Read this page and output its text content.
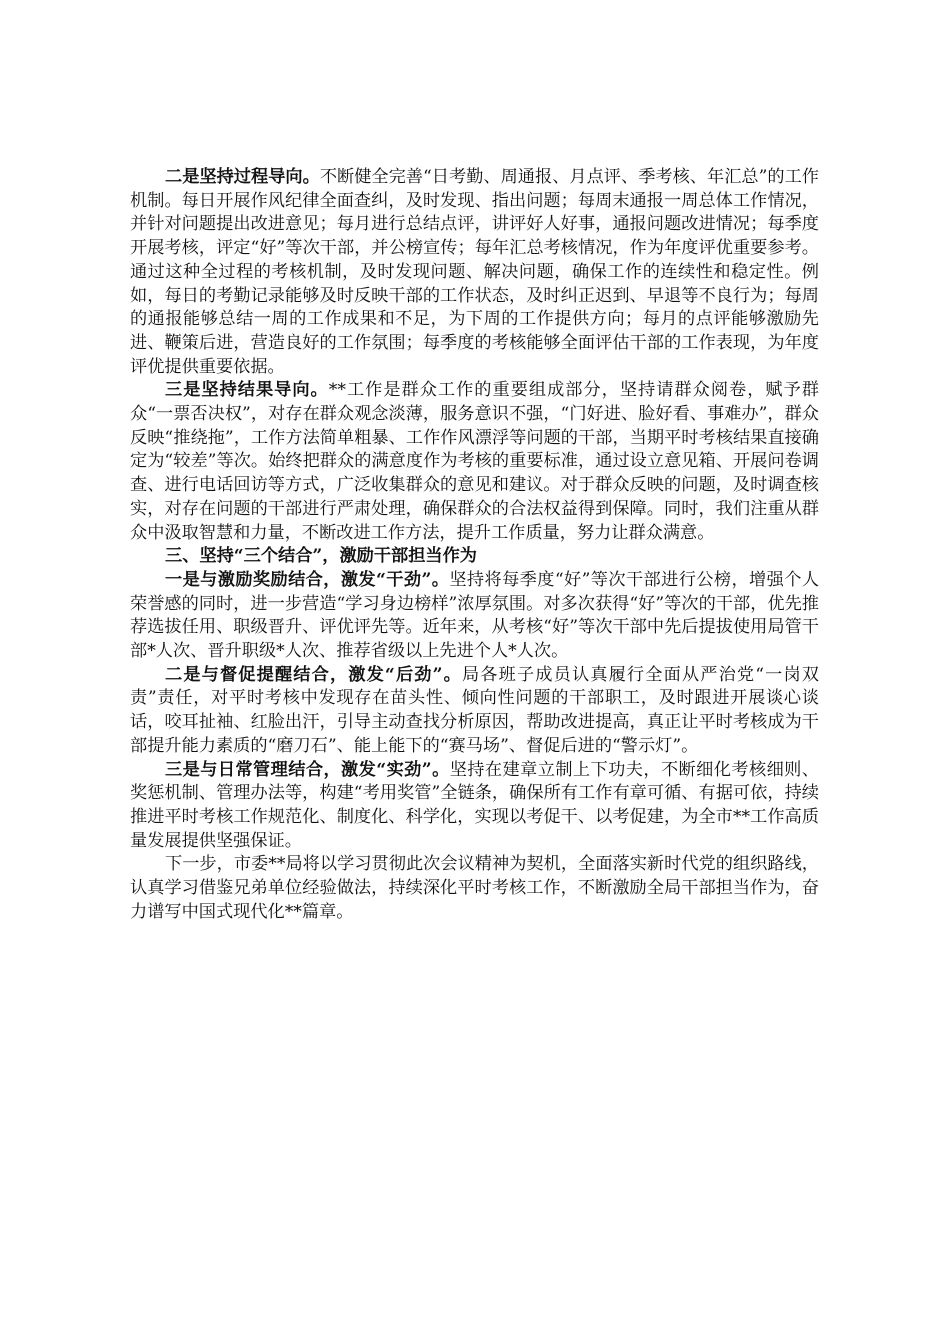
二是坚持过程导向。不断健全完善“日考勤、周通报、月点评、季考核、年汇总”的工作机制。每日开展作风纪律全面查纠，及时发现、指出问题；每周末通报一周总体工作情况，并针对问题提出改进意见；每月进行总结点评，讲评好人好事，通报问题改进情况；每季度开展考核，评定“好”等次干部，并公榜宣传；每年汇总考核情况，作为年度评优重要参考。通过这种全过程的考核机制，及时发现问题、解决问题，确保工作的连续性和稳定性。例如，每日的考勤记录能够及时反映干部的工作状态，及时纠正迟到、早退等不良行为；每周的通报能够总结一周的工作成果和不足，为下周的工作提供方向；每月的点评能够激励先进、鞭策后进，营造良好的工作氛围；每季度的考核能够全面评估干部的工作表现，为年度评优提供重要依据。

三是坚持结果导向。**工作是群众工作的重要组成部分，坚持请群众阅卷，赋予群众“一票否决权”，对存在群众观念淡薄，服务意识不强，“门好进、脸好看、事难办”，群众反映“推绕拖”，工作方法简单粗暴、工作作风漂浮等问题的干部，当期平时考核结果直接确定为“较差”等次。始终把群众的满意度作为考核的重要标准，通过设立意见箱、开展问卷调查、进行电话回访等方式，广泛收集群众的意见和建议。对于群众反映的问题，及时调查核实，对存在问题的干部进行严肃处理，确保群众的合法权益得到保障。同时，我们注重从群众中汲取智慧和力量，不断改进工作方法，提升工作质量，努力让群众满意。

三、坚持“三个结合”，激励干部担当作为

一是与激励奖励结合，激发“干劲”。坚持将每季度“好”等次干部进行公榜，增强个人荣誉感的同时，进一步营造“学习身边榜样”浓厚氛围。对多次获得“好”等次的干部，优先推荐选拔任用、职级晋升、评优评先等。近年来，从考核“好”等次干部中先后提拔使用局管干部*人次、晋升职级*人次、推荐省级以上先进个人*人次。

二是与督促提醒结合，激发“后劲”。局各班子成员认真履行全面从严治党“一岗双责”责任，对平时考核中发现存在苗头性、倾向性问题的干部职工，及时跟进开展谈心谈话，咬耳扯袖、红脸出汗，引导主动查找分析原因，帮助改进提高，真正让平时考核成为干部提升能力素质的“磨刀石”、能上能下的“赛马场”、督促后进的“警示灯”。

三是与日常管理结合，激发“实劲”。坚持在建章立制上下功夫，不断细化考核细则、奖惩机制、管理办法等，构建“考用奖管”全链条，确保所有工作有章可循、有据可依，持续推进平时考核工作规范化、制度化、科学化，实现以考促干、以考促建，为全市**工作高质量发展提供坚强保证。

下一步，市委**局将以学习贯彻此次会议精神为契机，全面落实新时代党的组织路线，认真学习借鉴兄弟单位经验做法，持续深化平时考核工作，不断激励全局干部担当作为，奋力谱写中国式现代化**篇章。
